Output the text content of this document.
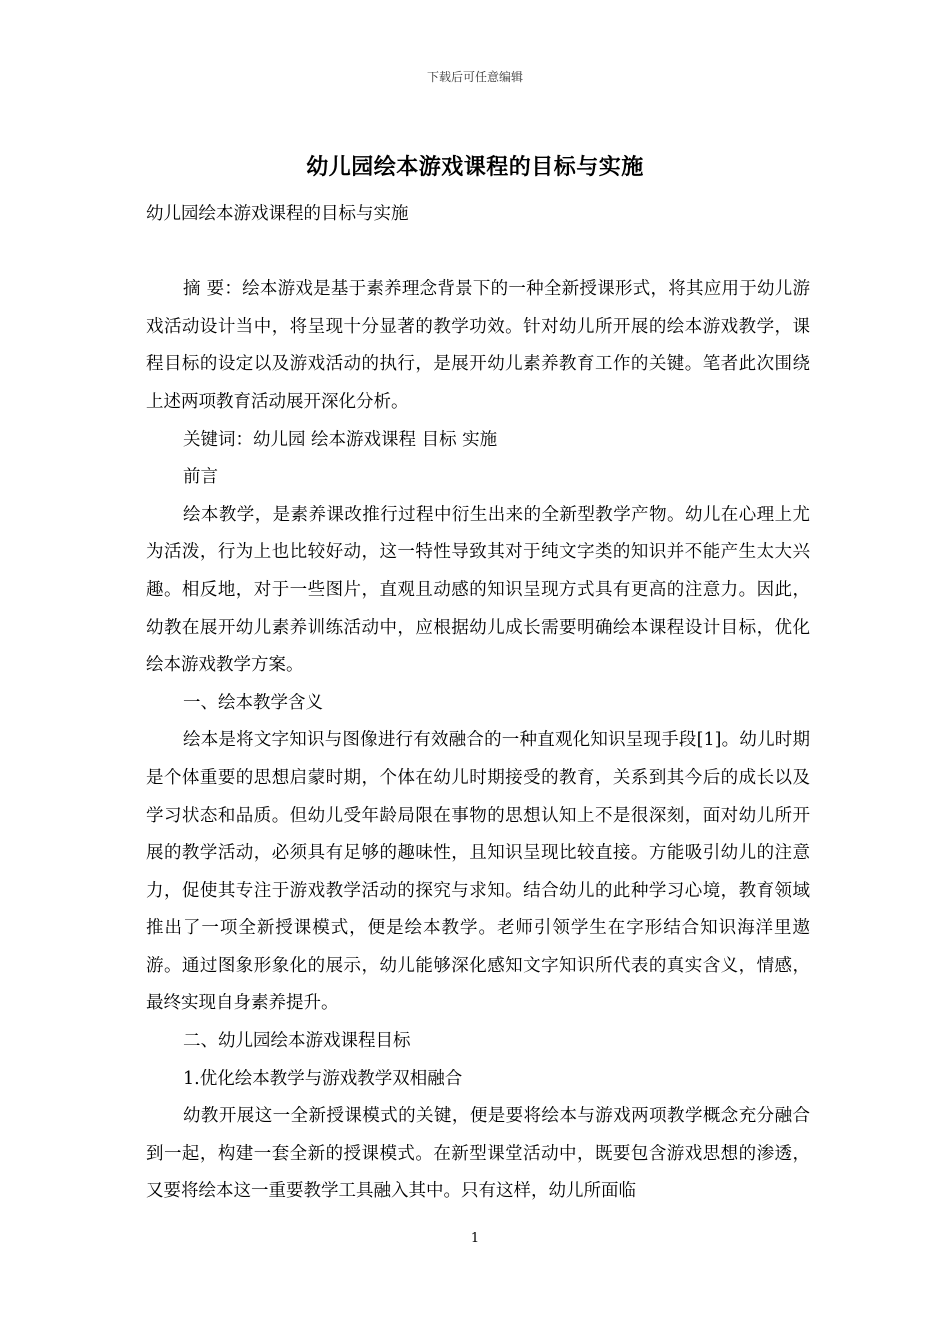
下载后可任意编辑
幼儿园绘本游戏课程的目标与实施

幼儿园绘本游戏课程的目标与实施

摘 要：绘本游戏是基于素养理念背景下的一种全新授课形式，将其应用于幼儿游戏活动设计当中，将呈现十分显著的教学功效。针对幼儿所开展的绘本游戏教学，课程目标的设定以及游戏活动的执行，是展开幼儿素养教育工作的关键。笔者此次围绕上述两项教育活动展开深化分析。

关键词：幼儿园 绘本游戏课程 目标 实施

前言

绘本教学，是素养课改推行过程中衍生出来的全新型教学产物。幼儿在心理上尤为活泼，行为上也比较好动，这一特性导致其对于纯文字类的知识并不能产生太大兴趣。相反地，对于一些图片，直观且动感的知识呈现方式具有更高的注意力。因此，幼教在展开幼儿素养训练活动中，应根据幼儿成长需要明确绘本课程设计目标，优化绘本游戏教学方案。

一、绘本教学含义

绘本是将文字知识与图像进行有效融合的一种直观化知识呈现手段[1]。幼儿时期是个体重要的思想启蒙时期，个体在幼儿时期接受的教育，关系到其今后的成长以及学习状态和品质。但幼儿受年龄局限在事物的思想认知上不是很深刻，面对幼儿所开展的教学活动，必须具有足够的趣味性，且知识呈现比较直接。方能吸引幼儿的注意力，促使其专注于游戏教学活动的探究与求知。结合幼儿的此种学习心境，教育领域推出了一项全新授课模式，便是绘本教学。老师引领学生在字形结合知识海洋里遨游。通过图象形象化的展示，幼儿能够深化感知文字知识所代表的真实含义，情感，最终实现自身素养提升。

二、幼儿园绘本游戏课程目标

1.优化绘本教学与游戏教学双相融合

幼教开展这一全新授课模式的关键，便是要将绘本与游戏两项教学概念充分融合到一起，构建一套全新的授课模式。在新型课堂活动中，既要包含游戏思想的渗透，又要将绘本这一重要教学工具融入其中。只有这样，幼儿所面临

1
